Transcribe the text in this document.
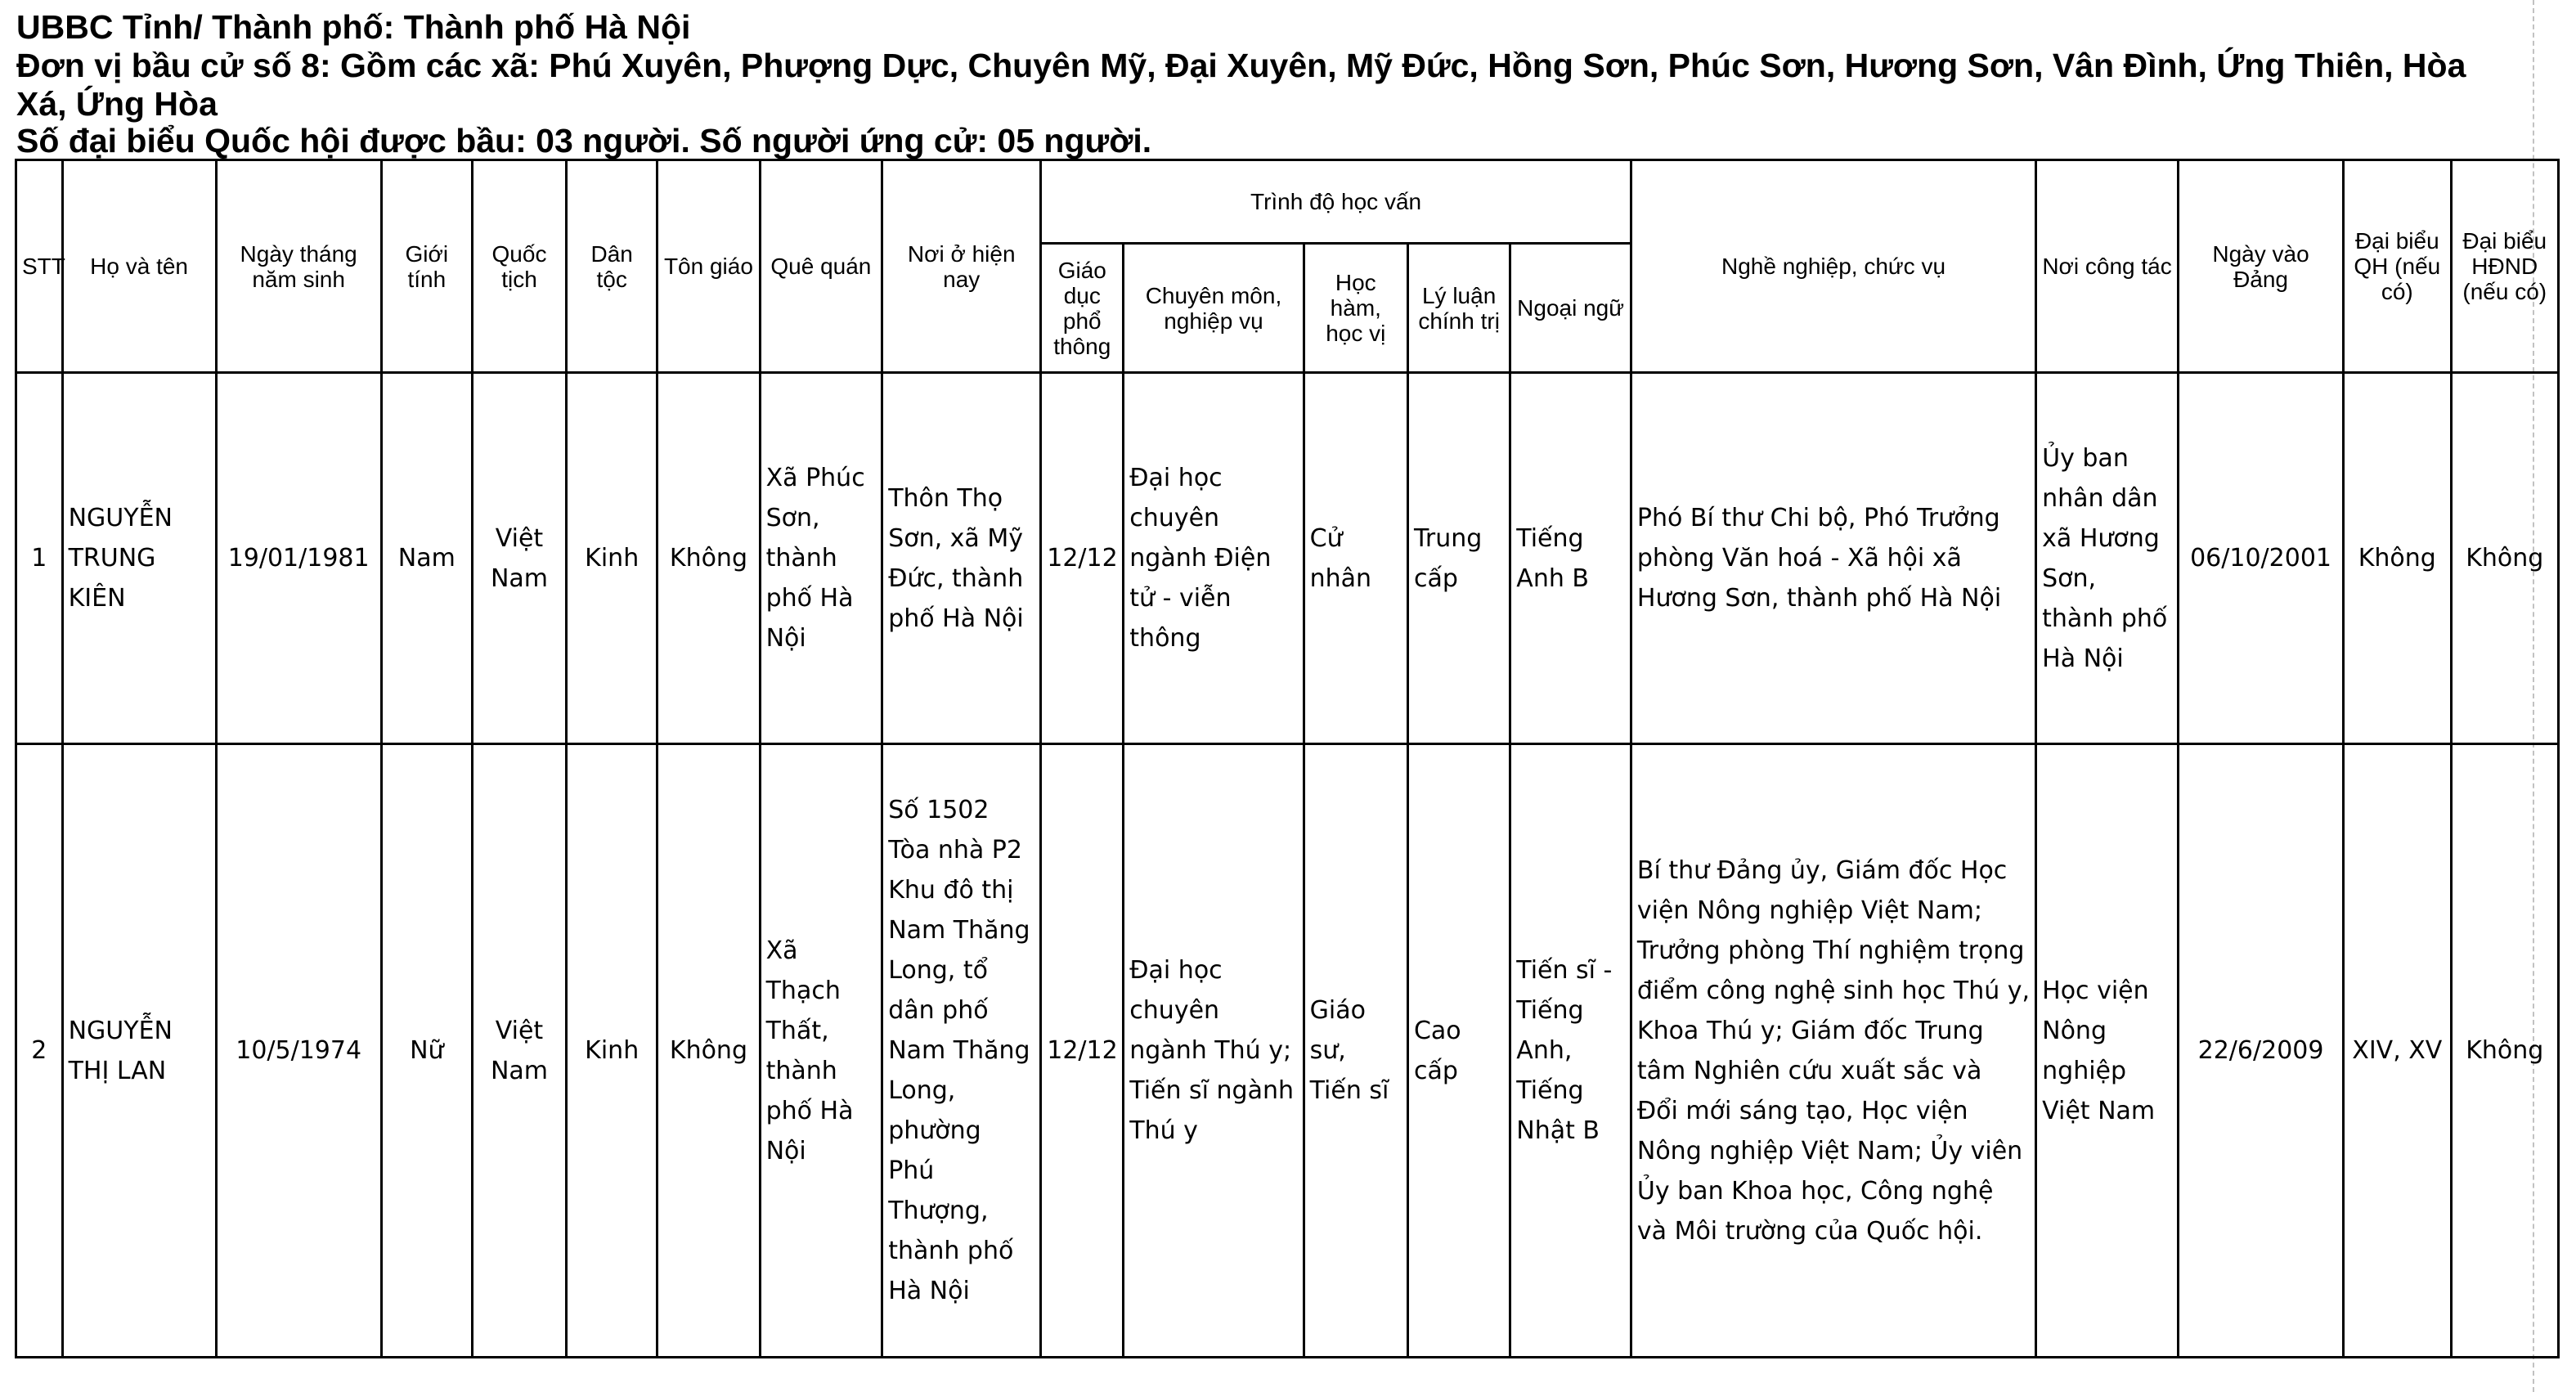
UBBC Tỉnh/ Thành phố: Thành phố Hà Nội
Đơn vị bầu cử số 8: Gồm các xã: Phú Xuyên, Phượng Dực, Chuyên Mỹ, Đại Xuyên, Mỹ Đức, Hồng Sơn, Phúc Sơn, Hương Sơn, Vân Đình, Ứng Thiên, Hòa
Xá, Ứng Hòa
Số đại biểu Quốc hội được bầu: 03 người. Số người ứng cử: 05 người.
STT	Họ và tên	Ngày tháng năm sinh	Giới tính	Quốc tịch	Dân tộc	Tôn giáo	Quê quán	Nơi ở hiện nay	Trình độ học vấn					Nghề nghiệp, chức vụ	Nơi công tác	Ngày vào Đảng	Đại biểu QH (nếu có)	Đại biểu HĐND (nếu có)
									Giáo dục phổ thông	Chuyên môn, nghiệp vụ	Học hàm, học vị	Lý luận chính trị	Ngoại ngữ					
1	NGUYỄN TRUNG KIÊN	19/01/1981	Nam	Việt Nam	Kinh	Không	Xã Phúc Sơn, thành phố Hà Nội	Thôn Thọ Sơn, xã Mỹ Đức, thành phố Hà Nội	12/12	Đại học chuyên ngành Điện tử - viễn thông	Cử nhân	Trung cấp	Tiếng Anh B	Phó Bí thư Chi bộ, Phó Trưởng phòng Văn hoá - Xã hội xã Hương Sơn, thành phố Hà Nội	Ủy ban nhân dân xã Hương Sơn, thành phố Hà Nội	06/10/2001	Không	Không
2	NGUYỄN THỊ LAN	10/5/1974	Nữ	Việt Nam	Kinh	Không	Xã Thạch Thất, thành phố Hà Nội	Số 1502 Tòa nhà P2 Khu đô thị Nam Thăng Long, tổ dân phố Nam Thăng Long, phường Phú Thượng, thành phố Hà Nội	12/12	Đại học chuyên ngành Thú y; Tiến sĩ ngành Thú y	Giáo sư, Tiến sĩ	Cao cấp	Tiến sĩ - Tiếng Anh, Tiếng Nhật B	Bí thư Đảng ủy, Giám đốc Học viện Nông nghiệp Việt Nam; Trưởng phòng Thí nghiệm trọng điểm công nghệ sinh học Thú y, Khoa Thú y; Giám đốc Trung tâm Nghiên cứu xuất sắc và Đổi mới sáng tạo, Học viện Nông nghiệp Việt Nam; Ủy viên Ủy ban Khoa học, Công nghệ và Môi trường của Quốc hội.	Học viện Nông nghiệp Việt Nam	22/6/2009	XIV, XV	Không
